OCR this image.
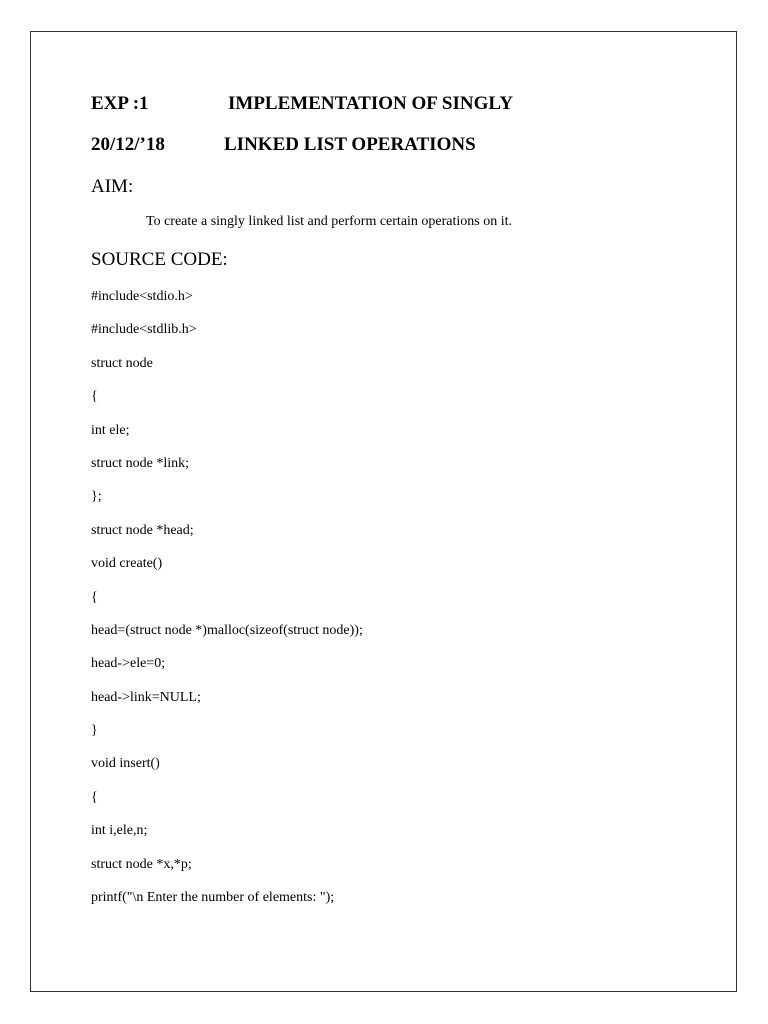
EXP :1	IMPLEMENTATION OF SINGLY
20/12/’18	LINKED LIST OPERATIONS
AIM:
To create a singly linked list and perform certain operations on it.
SOURCE CODE:
#include<stdio.h>
#include<stdlib.h>
struct node
{
int ele;
struct node *link;
};
struct node *head;
void create()
{
head=(struct node *)malloc(sizeof(struct node));
head->ele=0;
head->link=NULL;
}
void insert()
{
int i,ele,n;
struct node *x,*p;
printf("\n Enter the number of elements: ");
